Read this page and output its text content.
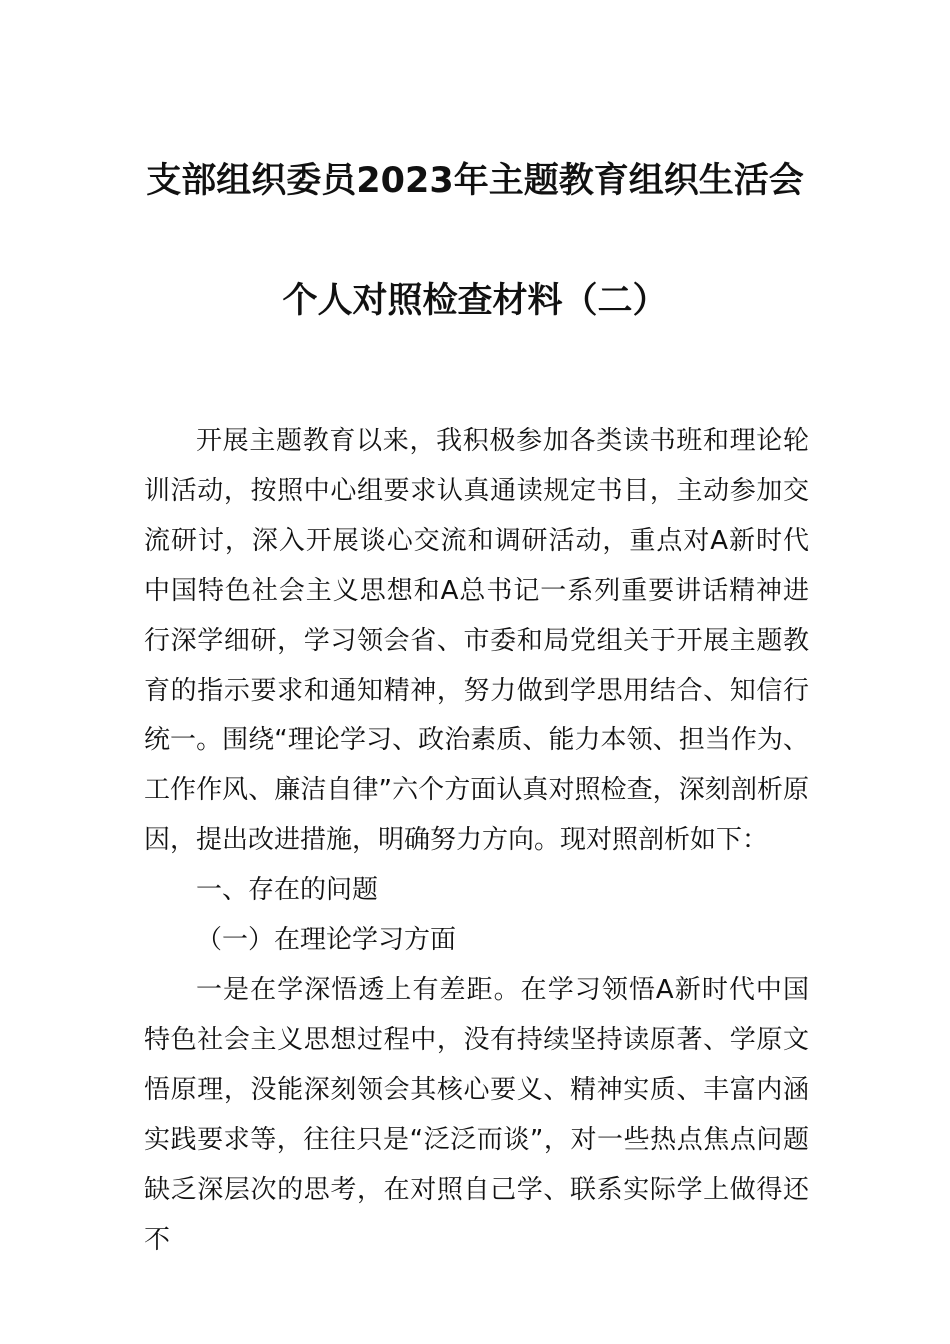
支部组织委员2023年主题教育组织生活会
个人对照检查材料（二）

开展主题教育以来，我积极参加各类读书班和理论轮训活动，按照中心组要求认真通读规定书目，主动参加交流研讨，深入开展谈心交流和调研活动，重点对A新时代中国特色社会主义思想和A总书记一系列重要讲话精神进行深学细研，学习领会省、市委和局党组关于开展主题教育的指示要求和通知精神，努力做到学思用结合、知信行统一。围绕“理论学习、政治素质、能力本领、担当作为、工作作风、廉洁自律”六个方面认真对照检查，深刻剖析原因，提出改进措施，明确努力方向。现对照剖析如下：

一、存在的问题

（一）在理论学习方面

一是在学深悟透上有差距。在学习领悟A新时代中国特色社会主义思想过程中，没有持续坚持读原著、学原文悟原理，没能深刻领会其核心要义、精神实质、丰富内涵实践要求等，往往只是“泛泛而谈”，对一些热点焦点问题缺乏深层次的思考，在对照自己学、联系实际学上做得还不
